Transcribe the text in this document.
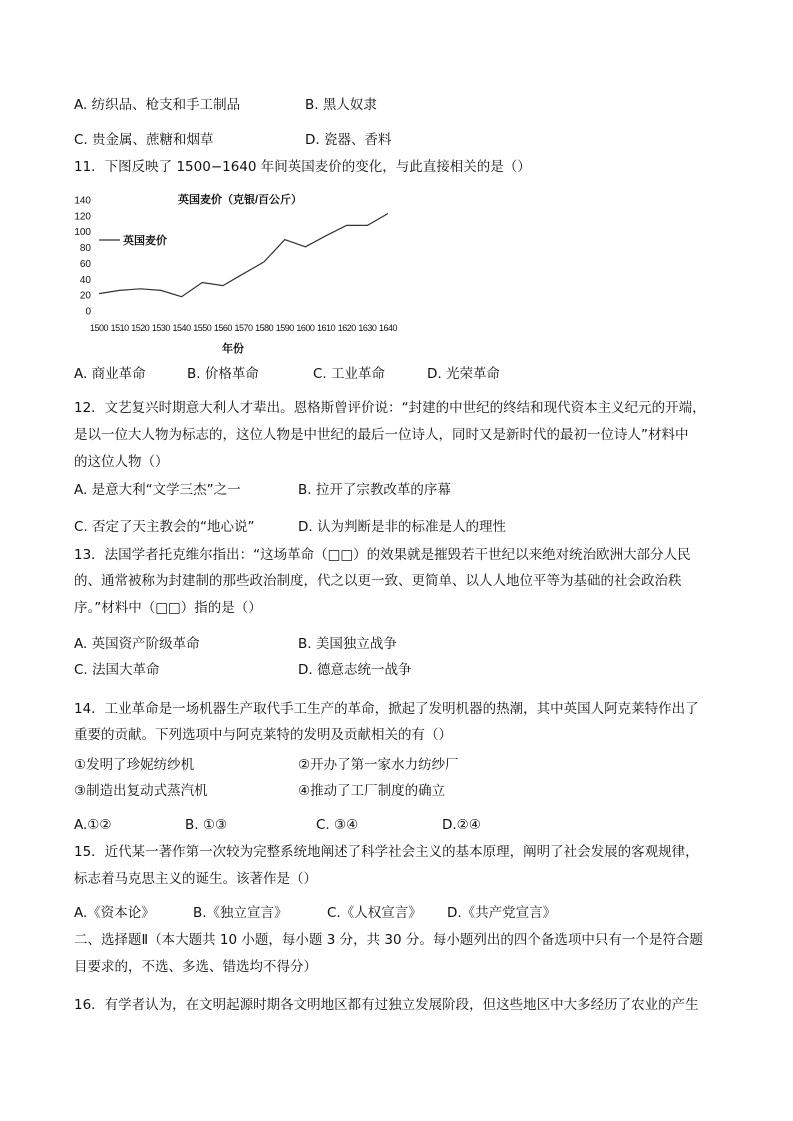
A. 纺织品、枪支和手工制品	B. 黑人奴隶
C. 贵金属、蔗糖和烟草	D. 瓷器、香料
11．下图反映了 1500−1640 年间英国麦价的变化，与此直接相关的是（）
英国麦价（克银/百公斤）
0
20
40
60
80
100
120
140
1500 1510 1520 1530 1540 1550 1560 1570 1580 1590 1600 1610 1620 1630 1640
英国麦价
年份
A. 商业革命	B. 价格革命	C. 工业革命	D. 光荣革命
12．文艺复兴时期意大利人才辈出。恩格斯曾评价说：“封建的中世纪的终结和现代资本主义纪元的开端，
是以一位大人物为标志的，这位人物是中世纪的最后一位诗人，同时又是新时代的最初一位诗人”材料中
的这位人物（）
A. 是意大利“文学三杰”之一	B. 拉开了宗教改革的序幕
C. 否定了天主教会的“地心说”	D. 认为判断是非的标准是人的理性
13．法国学者托克维尔指出：“这场革命（□□）的效果就是摧毁若干世纪以来绝对统治欧洲大部分人民
的、通常被称为封建制的那些政治制度，代之以更一致、更简单、以人人地位平等为基础的社会政治秩
序。”材料中（□□）指的是（）
A. 英国资产阶级革命	B. 美国独立战争
C. 法国大革命	D. 德意志统一战争
14．工业革命是一场机器生产取代手工生产的革命，掀起了发明机器的热潮，其中英国人阿克莱特作出了
重要的贡献。下列选项中与阿克莱特的发明及贡献相关的有（）
①发明了珍妮纺纱机	②开办了第一家水力纺纱厂
③制造出复动式蒸汽机	④推动了工厂制度的确立
A.①②	B. ①③	C. ③④	D.②④
15．近代某一著作第一次较为完整系统地阐述了科学社会主义的基本原理，阐明了社会发展的客观规律，
标志着马克思主义的诞生。该著作是（）
A.《资本论》	B.《独立宣言》	C.《人权宣言》 D.《共产党宣言》
二、选择题Ⅱ（本大题共 10 小题，每小题 3 分，共 30 分。每小题列出的四个备选项中只有一个是符合题
目要求的，不选、多选、错选均不得分）
16．有学者认为，在文明起源时期各文明地区都有过独立发展阶段，但这些地区中大多经历了农业的产生
